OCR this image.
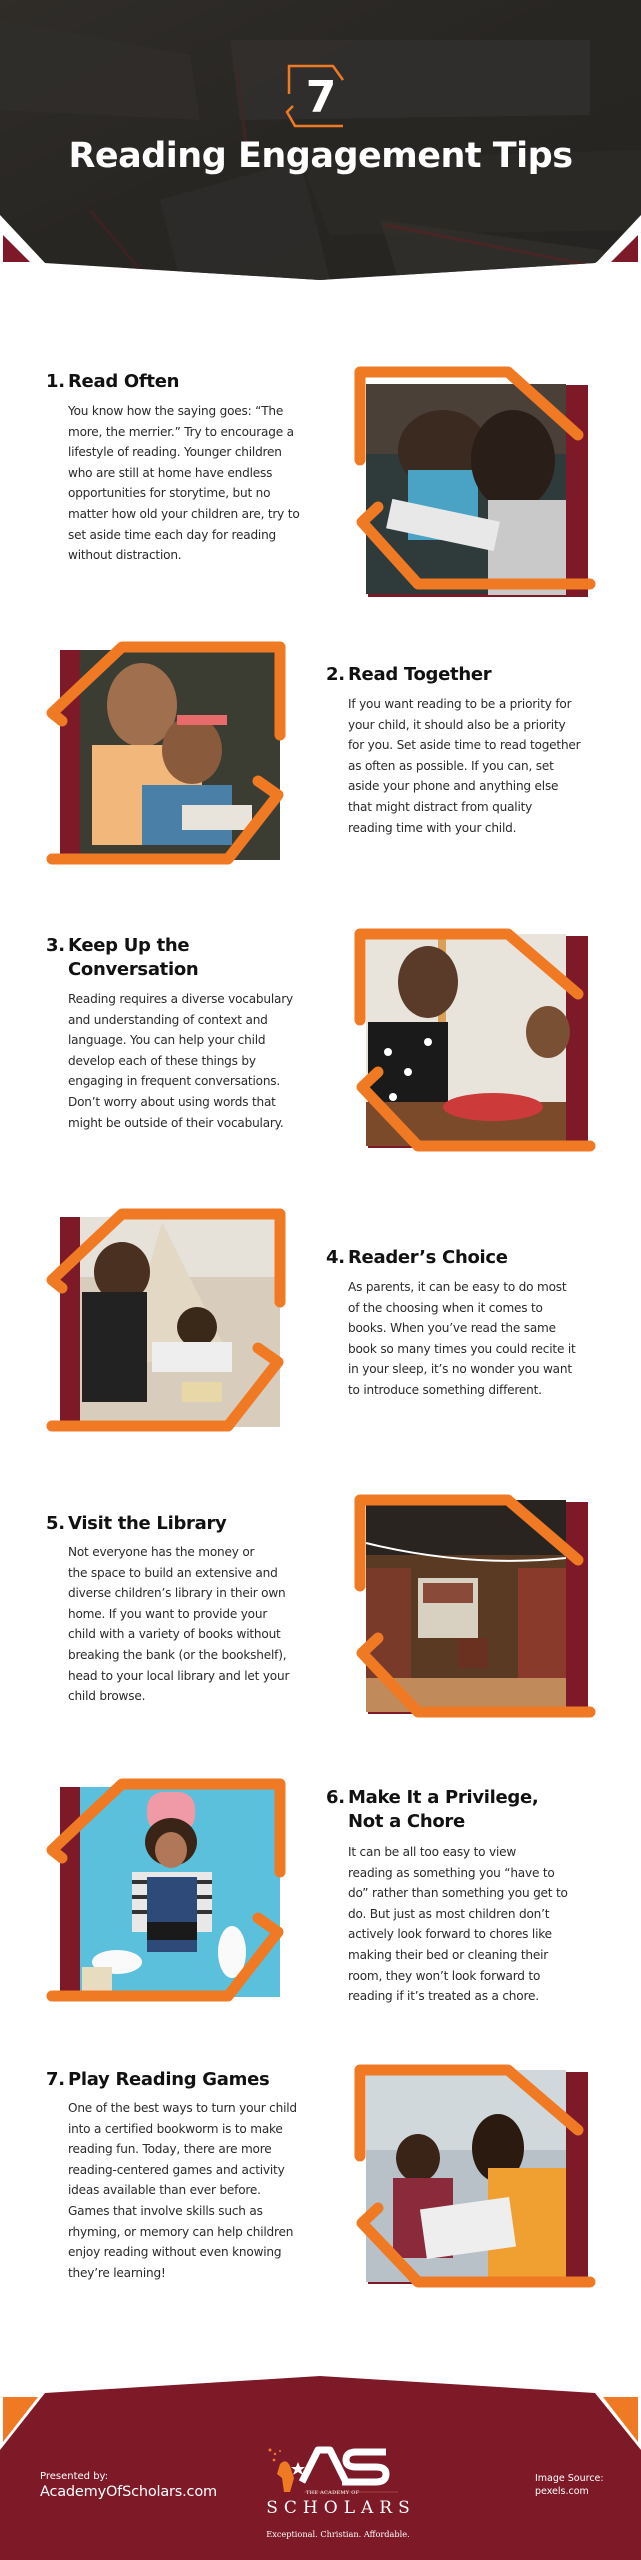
7
Reading Engagement Tips
1. Read Often
You know how the saying goes: “The
more, the merrier.” Try to encourage a
lifestyle of reading. Younger children
who are still at home have endless
opportunities for storytime, but no
matter how old your children are, try to
set aside time each day for reading
without distraction.
2. Read Together
If you want reading to be a priority for
your child, it should also be a priority
for you. Set aside time to read together
as often as possible. If you can, set
aside your phone and anything else
that might distract from quality
reading time with your child.
3. Keep Up the
Conversation
Reading requires a diverse vocabulary
and understanding of context and
language. You can help your child
develop each of these things by
engaging in frequent conversations.
Don’t worry about using words that
might be outside of their vocabulary.
4. Reader’s Choice
As parents, it can be easy to do most
of the choosing when it comes to
books. When you’ve read the same
book so many times you could recite it
in your sleep, it’s no wonder you want
to introduce something different.
5. Visit the Library
Not everyone has the money or
the space to build an extensive and
diverse children’s library in their own
home. If you want to provide your
child with a variety of books without
breaking the bank (or the bookshelf),
head to your local library and let your
child browse.
6. Make It a Privilege,
Not a Chore
It can be all too easy to view
reading as something you “have to
do” rather than something you get to
do. But just as most children don’t
actively look forward to chores like
making their bed or cleaning their
room, they won’t look forward to
reading if it’s treated as a chore.
7. Play Reading Games
One of the best ways to turn your child
into a certified bookworm is to make
reading fun. Today, there are more
reading-centered games and activity
ideas available than ever before.
Games that involve skills such as
rhyming, or memory can help children
enjoy reading without even knowing
they’re learning!
Presented by:
AcademyOfScholars.com	THE ACADEMY OF
SCHOLARS
Exceptional. Christian. Affordable.
Image Source:
pexels.com
